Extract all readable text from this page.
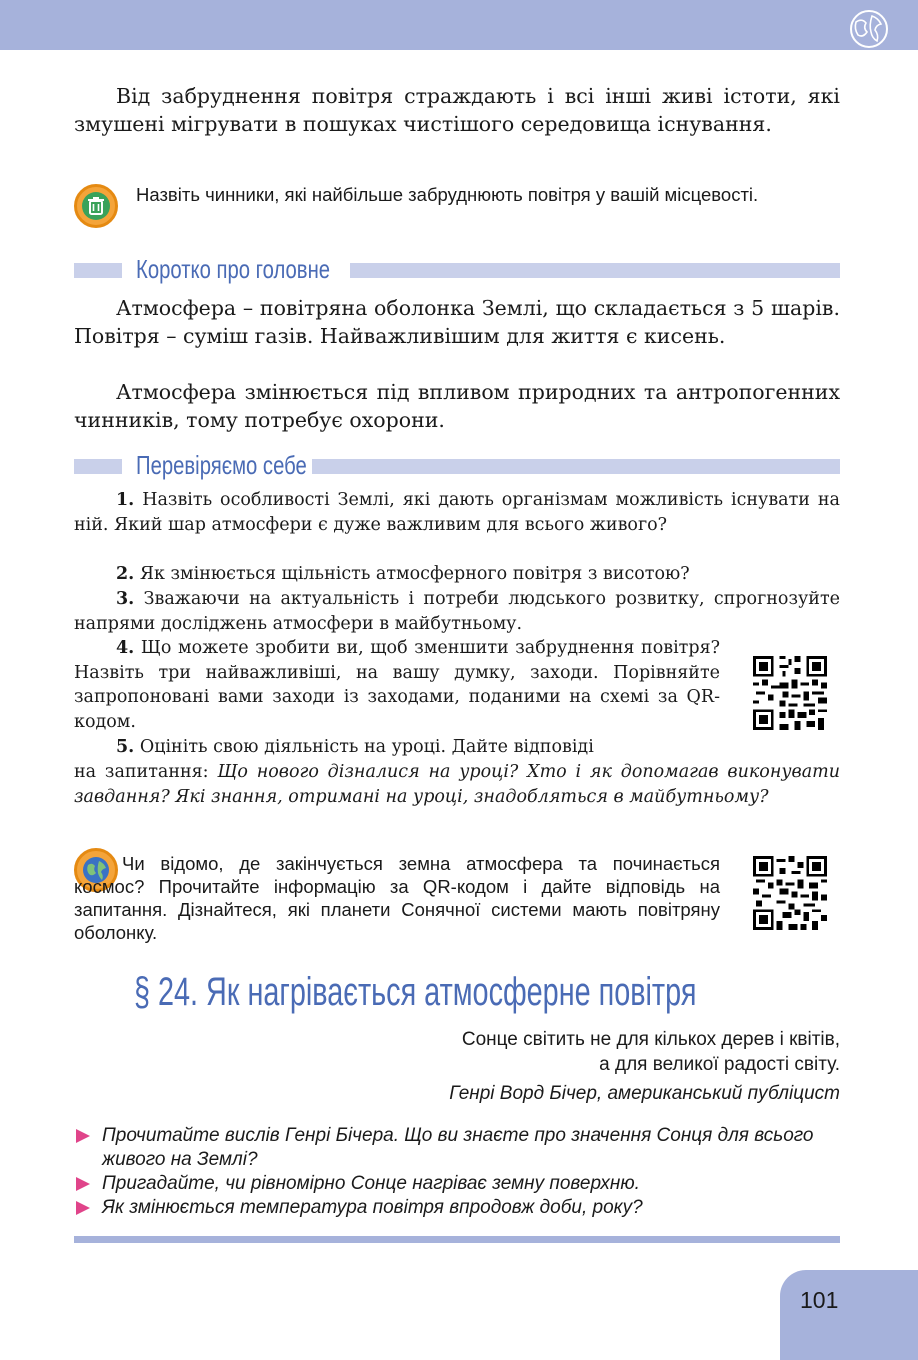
Від забруднення повітря страждають і всі інші живі істоти, які змушені мігрувати в пошуках чистішого середовища існування.
Назвіть чинники, які найбільше забруднюють повітря у вашій місцевості.
Коротко про головне
Атмосфера – повітряна оболонка Землі, що складається з 5 шарів. Повітря – суміш газів. Найважливішим для життя є кисень.
Атмосфера змінюється під впливом природних та антропогенних чинників, тому потребує охорони.
Перевіряємо себе
1. Назвіть особливості Землі, які дають організмам можливість існувати на ній. Який шар атмосфери є дуже важливим для всього живого?
2. Як змінюється щільність атмосферного повітря з висотою?
3. Зважаючи на актуальність і потреби людського розвитку, спрогнозуйте напрями досліджень атмосфери в майбутньому.
4. Що можете зробити ви, щоб зменшити забруднення повітря? Назвіть три найважливіші, на вашу думку, заходи. Порівняйте запропоновані вами заходи із заходами, поданими на схемі за QR-кодом.
5. Оцініть свою діяльність на уроці. Дайте відповіді
на запитання: Що нового дізналися на уроці? Хто і як допомагав виконувати завдання? Які знання, отримані на уроці, знадобляться в майбутньому?
Чи відомо, де закінчується земна атмосфера та починається космос? Прочитайте інформацію за QR-кодом і дайте відповідь на запитання. Дізнайтеся, які планети Сонячної системи мають повітряну оболонку.
§ 24. Як нагрівається атмосферне повітря
Сонце світить не для кількох дерев і квітів,
а для великої радості світу.
Генрі Ворд Бічер, американський публіцист
Прочитайте вислів Генрі Бічера. Що ви знаєте про значення Сонця для всього живого на Землі?
Пригадайте, чи рівномірно Сонце нагріває земну поверхню.
Як змінюється температура повітря впродовж доби, року?
101
